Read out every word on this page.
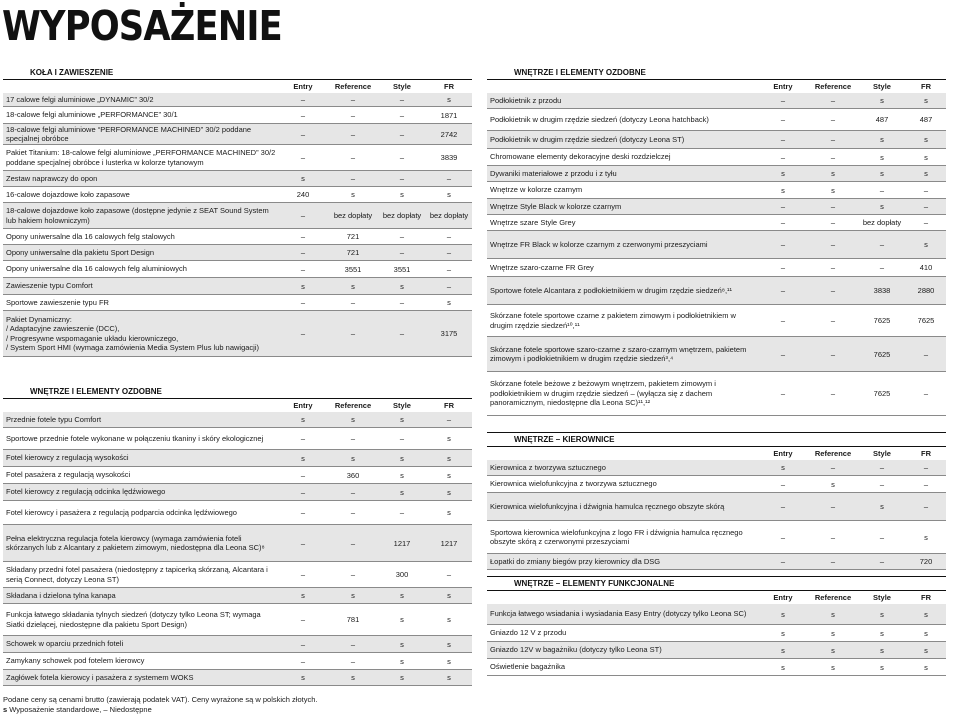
WYPOSAŻENIE
KOŁA I ZAWIESZENIE
Entry	Reference	Style	FR
17 calowe felgi aluminiowe „DYNAMIC” 30/2	–	–	–	s
18-calowe felgi aluminiowe „PERFORMANCE” 30/1	–	–	–	1871
18-calowe felgi aluminiowe “PERFORMANCE MACHINED” 30/2 poddane specjalnej obróbce	–	–	–	2742
Pakiet Titanium: 18-calowe felgi aluminiowe „PERFORMANCE MACHINED” 30/2 poddane specjalnej obróbce i lusterka w kolorze tytanowym	–	–	–	3839
Zestaw naprawczy do opon	s	–	–	–
16-calowe dojazdowe koło zapasowe	240	s	s	s
18-calowe dojazdowe koło zapasowe (dostępne jedynie z SEAT Sound System lub hakiem holowniczym)	–	bez dopłaty	bez dopłaty	bez dopłaty
Opony uniwersalne dla 16 calowych felg stalowych	–	721	–	–
Opony uniwersalne dla pakietu Sport Design	–	721	–	–
Opony uniwersalne dla 16 calowych felg aluminiowych	–	3551	3551	–
Zawieszenie typu Comfort	s	s	s	–
Sportowe zawieszenie typu FR	–	–	–	s
Pakiet Dynamiczny:
/ Adaptacyjne zawieszenie (DCC),
/ Progresywne wspomaganie układu kierowniczego,
/ System Sport HMI (wymaga zamówienia Media System Plus lub nawigacji)
–	–	–	3175
WNĘTRZE I ELEMENTY OZDOBNE
Entry	Reference	Style	FR
Przednie fotele typu Comfort	s	s	s	–
Sportowe przednie fotele wykonane w połączeniu tkaniny i skóry ekologicznej	–	–	–	s
Fotel kierowcy z regulacją wysokości	s	s	s	s
Fotel pasażera z regulacją wysokości	–	360	s	s
Fotel kierowcy z regulacją odcinka lędźwiowego	–	–	s	s
Fotel kierowcy i pasażera z regulacją podparcia odcinka lędźwiowego	–	–	–	s
Pełna elektryczna regulacja fotela kierowcy (wymaga zamówienia foteli skórzanych lub z Alcantary z pakietem zimowym, niedostępna dla Leona SC)⁸	–	–	1217	1217
Składany przedni fotel pasażera (niedostępny z tapicerką skórzaną, Alcantara i serią Connect, dotyczy Leona ST)	–	–	300	–
Składana i dzielona tylna kanapa	s	s	s	s
Funkcja łatwego składania tylnych siedzeń (dotyczy tylko Leona ST; wymaga Siatki dzielącej, niedostępne dla pakietu Sport Design)	–	781	s	s
Schowek w oparciu przednich foteli	–	–	s	s
Zamykany schowek pod fotelem kierowcy	–	–	s	s
Zagłówek fotela kierowcy i pasażera z systemem WOKS	s	s	s	s
WNĘTRZE I ELEMENTY OZDOBNE
Entry	Reference	Style	FR
Podłokietnik z przodu	–	–	s	s
Podłokietnik w drugim rzędzie siedzeń (dotyczy Leona hatchback)	–	–	487	487
Podłokietnik w drugim rzędzie siedzeń (dotyczy Leona ST)	–	–	s	s
Chromowane elementy dekoracyjne deski rozdzielczej	–	–	s	s
Dywaniki materiałowe z przodu i z tyłu	s	s	s	s
Wnętrze w kolorze czarnym	s	s	–	–
Wnętrze Style Black w kolorze czarnym	–	–	s	–
Wnętrze szare Style Grey	–	–	bez dopłaty	–
Wnętrze FR Black w kolorze czarnym z czerwonymi przeszyciami	–	–	–	s
Wnętrze szaro-czarne FR Grey	–	–	–	410
Sportowe fotele Alcantara z podłokietnikiem w drugim rzędzie siedzeń⁸,¹¹	–	–	3838	2880
Skórzane fotele sportowe czarne z pakietem zimowym i podłokietnikiem w drugim rzędzie siedzeń¹⁰,¹¹	–	–	7625	7625
Skórzane fotele sportowe szaro-czarne z szaro-czarnym wnętrzem, pakietem zimowym i podłokietnikiem w drugim rzędzie siedzeń³,⁴	–	–	7625	–
Skórzane fotele beżowe z beżowym wnętrzem, pakietem zimowym i podłokietnikiem w drugim rzędzie siedzeń – (wyłącza się z dachem panoramicznym, niedostępne dla Leona SC)¹¹,¹²
–	–	7625	–
WNĘTRZE – KIEROWNICE
Entry	Reference	Style	FR
Kierownica z tworzywa sztucznego	s	–	–	–
Kierownica wielofunkcyjna z tworzywa sztucznego	–	s	–	–
Kierownica wielofunkcyjna i dźwignia hamulca ręcznego obszyte skórą	–	–	s	–
Sportowa kierownica wielofunkcyjna z logo FR i dźwignia hamulca ręcznego obszyte skórą z czerwonymi przeszyciami	–	–	–	s
Łopatki do zmiany biegów przy kierownicy dla DSG	–	–	–	720
WNĘTRZE – ELEMENTY FUNKCJONALNE
Entry	Reference	Style	FR
Funkcja łatwego wsiadania i wysiadania Easy Entry (dotyczy tylko Leona SC)	s	s	s	s
Gniazdo 12 V z przodu	s	s	s	s
Gniazdo 12V w bagażniku (dotyczy tylko Leona ST)	s	s	s	s
Oświetlenie bagażnika	s	s	s	s
Podane ceny są cenami brutto (zawierają podatek VAT). Ceny wyrażone są w polskich złotych.
s Wyposażenie standardowe, – Niedostępne
